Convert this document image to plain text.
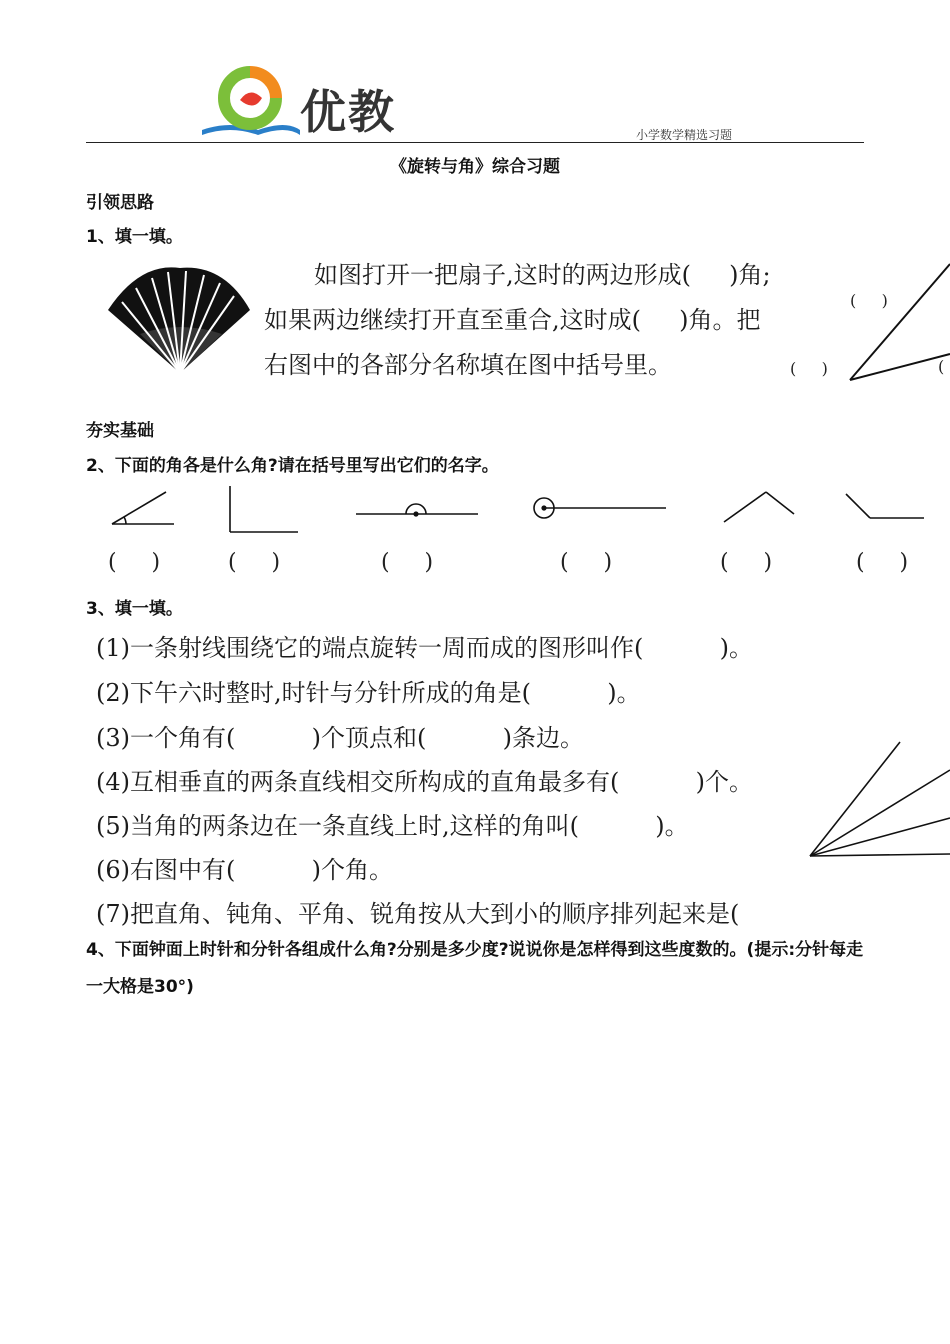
优教	小学数学精选习题
《旋转与角》综合习题
引领思路
1、填一填。
如图打开一把扇子,这时的两边形成(     )角;
如果两边继续打开直至重合,这时成(     )角。把
右图中的各部分名称填在图中括号里。
(     )
(     )	(
夯实基础
2、下面的角各是什么角?请在括号里写出它们的名字。
(     )	(     )	(     )	(     )	(     )	(     )
3、填一填。
(1)一条射线围绕它的端点旋转一周而成的图形叫作(          )。
(2)下午六时整时,时针与分针所成的角是(          )。
(3)一个角有(          )个顶点和(          )条边。
(4)互相垂直的两条直线相交所构成的直角最多有(          )个。
(5)当角的两条边在一条直线上时,这样的角叫(          )。
(6)右图中有(          )个角。
(7)把直角、钝角、平角、锐角按从大到小的顺序排列起来是(
4、下面钟面上时针和分针各组成什么角?分别是多少度?说说你是怎样得到这些度数的。(提示:分针每走一大格是30°)
